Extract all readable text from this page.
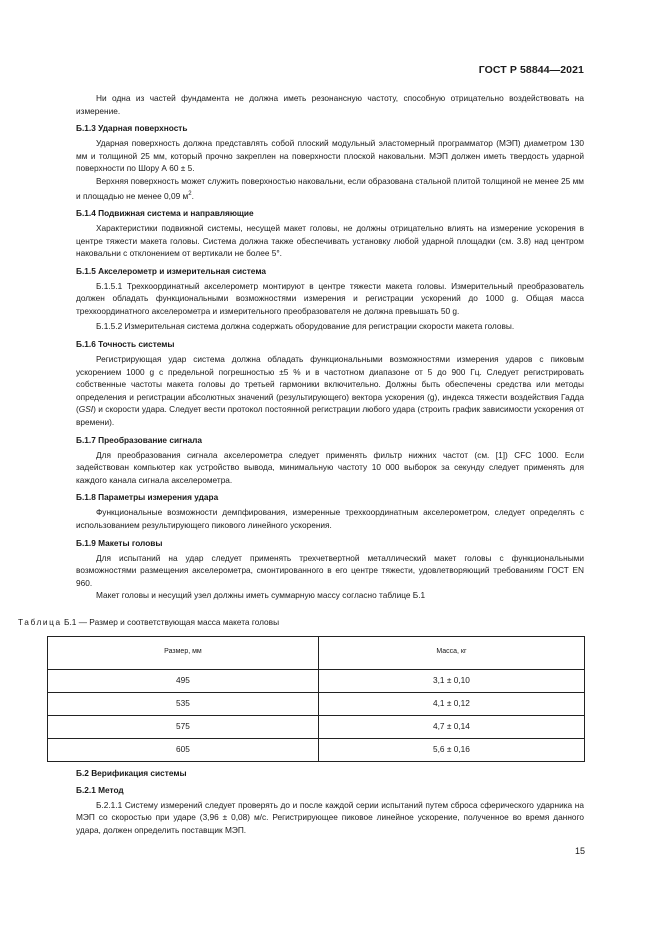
ГОСТ Р 58844—2021

Ни одна из частей фундамента не должна иметь резонансную частоту, способную отрицательно воздействовать на измерение.

Б.1.3 Ударная поверхность

Ударная поверхность должна представлять собой плоский модульный эластомерный программатор (МЭП) диаметром 130 мм и толщиной 25 мм, который прочно закреплен на поверхности плоской наковальни. МЭП должен иметь твердость ударной поверхности по Шору А 60 ± 5.

Верхняя поверхность может служить поверхностью наковальни, если образована стальной плитой толщиной не менее 25 мм и площадью не менее 0,09 $м^2$.

Б.1.4 Подвижная система и направляющие

Характеристики подвижной системы, несущей макет головы, не должны отрицательно влиять на измерение ускорения в центре тяжести макета головы. Система должна также обеспечивать установку любой ударной площадки (см. 3.8) над центром наковальни с отклонением от вертикали не более 5°.

Б.1.5 Акселерометр и измерительная система

Б.1.5.1 Трехкоординатный акселерометр монтируют в центре тяжести макета головы. Измерительный преобразователь должен обладать функциональными возможностями измерения и регистрации ускорений до 1000 g. Общая масса трехкоординатного акселерометра и измерительного преобразователя не должна превышать 50 g.

Б.1.5.2 Измерительная система должна содержать оборудование для регистрации скорости макета головы.

Б.1.6 Точность системы

Регистрирующая удар система должна обладать функциональными возможностями измерения ударов с пиковым ускорением 1000 g с предельной погрешностью ±5 % и в частотном диапазоне от 5 до 900 Гц. Следует регистрировать собственные частоты макета головы до третьей гармоники включительно. Должны быть обеспечены средства или методы определения и регистрации абсолютных значений (результирующего) вектора ускорения (g), индекса тяжести воздействия Гадда (GSI) и скорости удара. Следует вести протокол постоянной регистрации любого удара (строить график зависимости ускорения от времени).

Б.1.7 Преобразование сигнала

Для преобразования сигнала акселерометра следует применять фильтр нижних частот (см. [1]) CFC 1000. Если задействован компьютер как устройство вывода, минимальную частоту 10 000 выборок за секунду следует применять для каждого канала сигнала акселерометра.

Б.1.8 Параметры измерения удара

Функциональные возможности демпфирования, измеренные трехкоординатным акселерометром, следует определять с использованием результирующего пикового линейного ускорения.

Б.1.9 Макеты головы

Для испытаний на удар следует применять трехчетвертной металлический макет головы с функциональными возможностями размещения акселерометра, смонтированного в его центре тяжести, удовлетворяющий требованиям ГОСТ EN 960.

Макет головы и несущий узел должны иметь суммарную массу согласно таблице Б.1

Таблица Б.1 — Размер и соответствующая масса макета головы
Размер, мм	Масса, кг
495	3,1 ± 0,10
535	4,1 ± 0,12
575	4,7 ± 0,14
605	5,6 ± 0,16
Б.2 Верификация системы
Б.2.1 Метод

Б.2.1.1 Систему измерений следует проверять до и после каждой серии испытаний путем сброса сферического ударника на МЭП со скоростью при ударе (3,96 ± 0,08) м/с. Регистрирующее пиковое линейное ускорение, полученное во время данного удара, должен определить поставщик МЭП.

15
